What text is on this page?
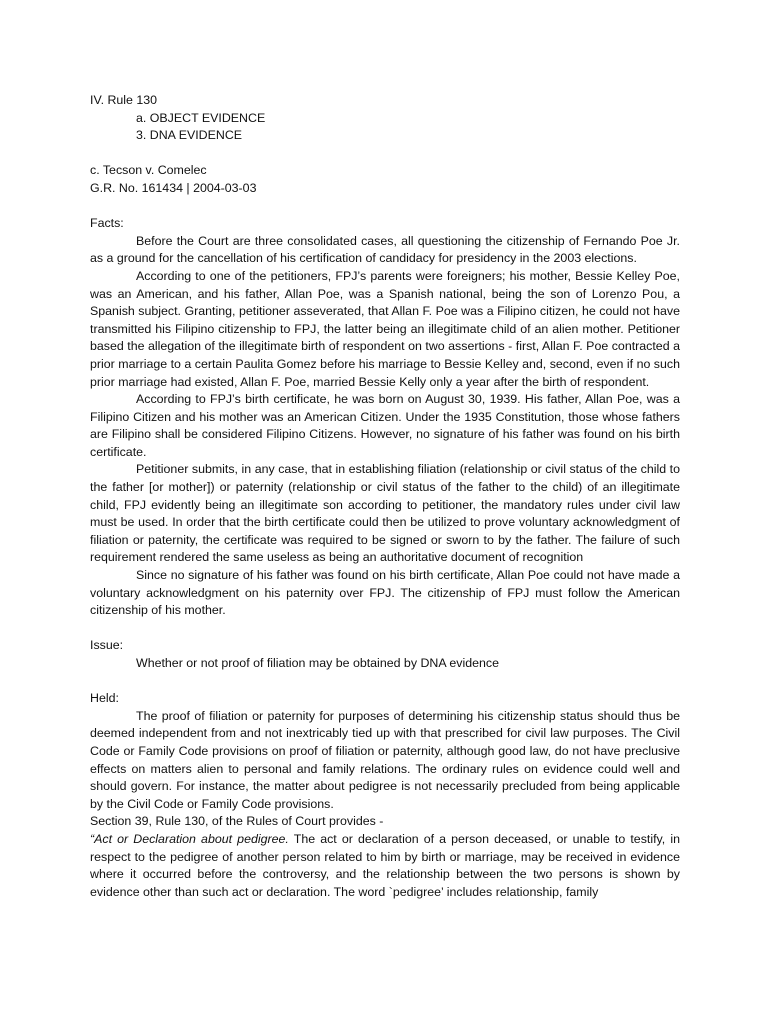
IV. Rule 130
a. OBJECT EVIDENCE
3. DNA EVIDENCE
c. Tecson v. Comelec
G.R. No. 161434 | 2004-03-03
Facts:
Before the Court are three consolidated cases, all questioning the citizenship of Fernando Poe Jr. as a ground for the cancellation of his certification of candidacy for presidency in the 2003 elections.
According to one of the petitioners, FPJ’s parents were foreigners; his mother, Bessie Kelley Poe, was an American, and his father, Allan Poe, was a Spanish national, being the son of Lorenzo Pou, a Spanish subject. Granting, petitioner asseverated, that Allan F. Poe was a Filipino citizen, he could not have transmitted his Filipino citizenship to FPJ, the latter being an illegitimate child of an alien mother. Petitioner based the allegation of the illegitimate birth of respondent on two assertions - first, Allan F. Poe contracted a prior marriage to a certain Paulita Gomez before his marriage to Bessie Kelley and, second, even if no such prior marriage had existed, Allan F. Poe, married Bessie Kelly only a year after the birth of respondent.
According to FPJ’s birth certificate, he was born on August 30, 1939. His father, Allan Poe, was a Filipino Citizen and his mother was an American Citizen. Under the 1935 Constitution, those whose fathers are Filipino shall be considered Filipino Citizens. However, no signature of his father was found on his birth certificate.
Petitioner submits, in any case, that in establishing filiation (relationship or civil status of the child to the father [or mother]) or paternity (relationship or civil status of the father to the child) of an illegitimate child, FPJ evidently being an illegitimate son according to petitioner, the mandatory rules under civil law must be used. In order that the birth certificate could then be utilized to prove voluntary acknowledgment of filiation or paternity, the certificate was required to be signed or sworn to by the father. The failure of such requirement rendered the same useless as being an authoritative document of recognition
Since no signature of his father was found on his birth certificate, Allan Poe could not have made a voluntary acknowledgment on his paternity over FPJ. The citizenship of FPJ must follow the American citizenship of his mother.
Issue:
Whether or not proof of filiation may be obtained by DNA evidence
Held:
The proof of filiation or paternity for purposes of determining his citizenship status should thus be deemed independent from and not inextricably tied up with that prescribed for civil law purposes. The Civil Code or Family Code provisions on proof of filiation or paternity, although good law, do not have preclusive effects on matters alien to personal and family relations. The ordinary rules on evidence could well and should govern. For instance, the matter about pedigree is not necessarily precluded from being applicable by the Civil Code or Family Code provisions.
Section 39, Rule 130, of the Rules of Court provides -
“Act or Declaration about pedigree. The act or declaration of a person deceased, or unable to testify, in respect to the pedigree of another person related to him by birth or marriage, may be received in evidence where it occurred before the controversy, and the relationship between the two persons is shown by evidence other than such act or declaration. The word `pedigree’ includes relationship, family
